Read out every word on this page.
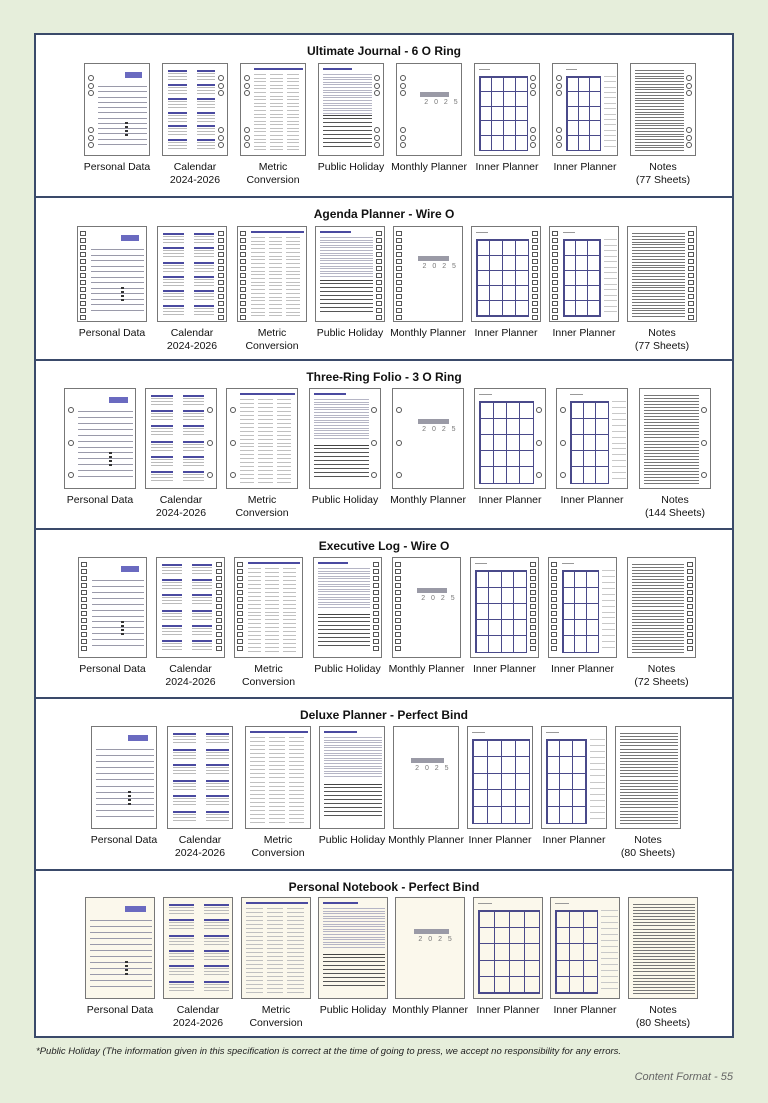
Ultimate Journal - 6 O Ring
Personal Data	Calendar
2024-2026
Metric
Conversion
Public Holiday
2 0 2 5
Monthly Planner Inner Planner Inner Planner	Notes
(77 Sheets)
Agenda Planner - Wire O
Personal Data	Calendar
2024-2026
Metric
Conversion
Public Holiday
2 0 2 5
Monthly Planner Inner Planner Inner Planner	Notes
(77 Sheets)
Three-Ring Folio - 3 O Ring
Personal Data	Calendar
2024-2026
Metric
Conversion
Public Holiday
2 0 2 5
Monthly Planner Inner Planner Inner Planner	Notes
(144 Sheets)
Executive Log - Wire O
Personal Data	Calendar
2024-2026
Metric
Conversion
Public Holiday
2 0 2 5
Monthly Planner Inner Planner Inner Planner	Notes
(72 Sheets)
Deluxe Planner - Perfect Bind
Personal Data	Calendar
2024-2026
Metric
Conversion
Public Holiday
2 0 2 5
Monthly Planner Inner Planner Inner Planner	Notes
(80 Sheets)
Personal Notebook - Perfect Bind
Personal Data	Calendar
2024-2026
Metric
Conversion
Public Holiday
2 0 2 5
Monthly Planner Inner Planner Inner Planner	Notes
(80 Sheets)
*Public Holiday (The information given in this specification is correct at the time of going to press, we accept no responsibility for any errors.
Content Format - 55
